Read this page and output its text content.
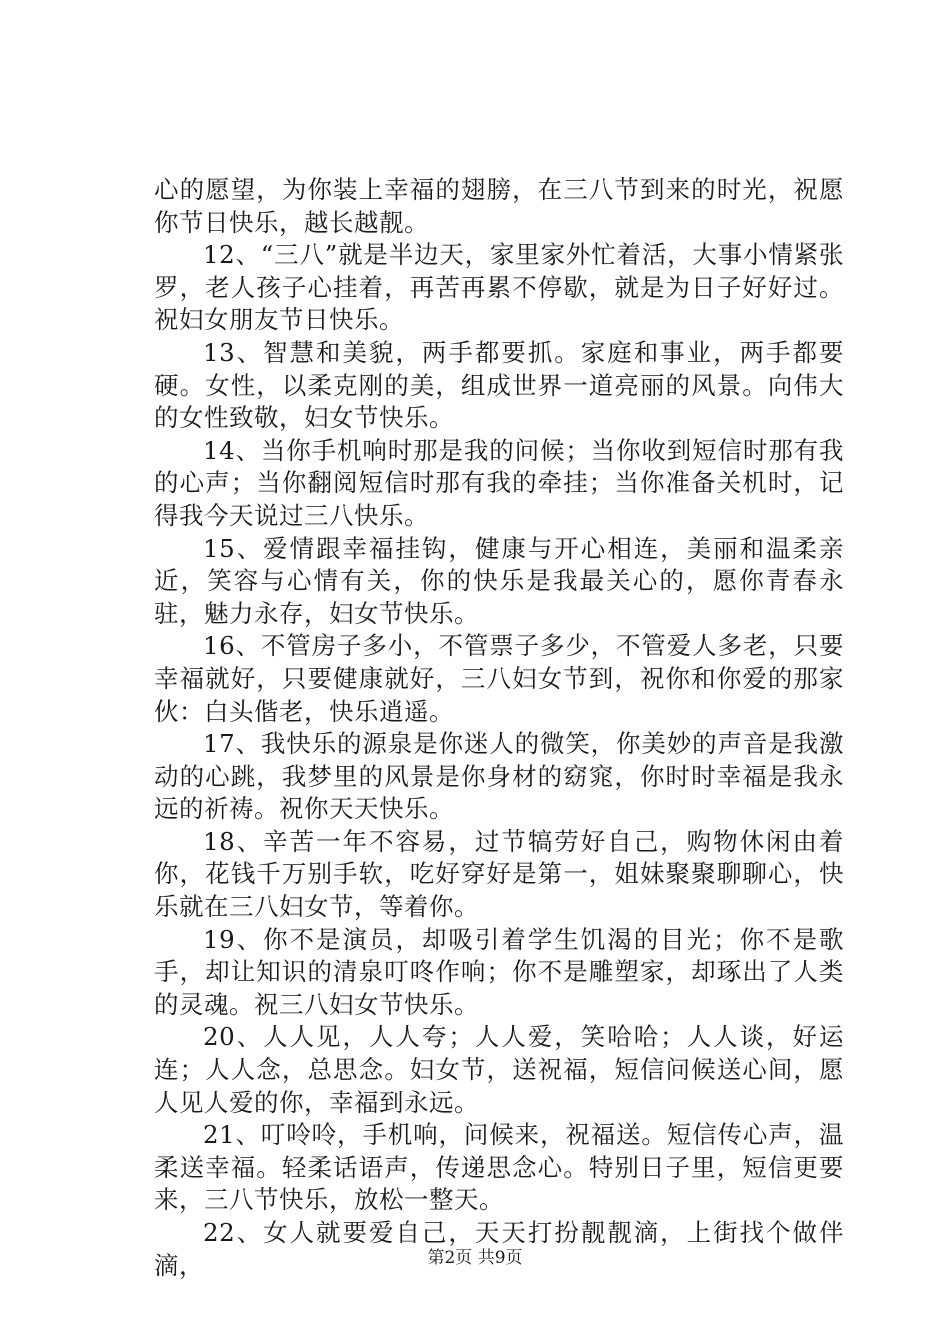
心的愿望，为你装上幸福的翅膀，在三八节到来的时光，祝愿你节日快乐，越长越靓。

12、“三八”就是半边天，家里家外忙着活，大事小情紧张罗，老人孩子心挂着，再苦再累不停歇，就是为日子好好过。祝妇女朋友节日快乐。

13、智慧和美貌，两手都要抓。家庭和事业，两手都要硬。女性，以柔克刚的美，组成世界一道亮丽的风景。向伟大的女性致敬，妇女节快乐。

14、当你手机响时那是我的问候；当你收到短信时那有我的心声；当你翻阅短信时那有我的牵挂；当你准备关机时，记得我今天说过三八快乐。

15、爱情跟幸福挂钩，健康与开心相连，美丽和温柔亲近，笑容与心情有关，你的快乐是我最关心的，愿你青春永驻，魅力永存，妇女节快乐。

16、不管房子多小，不管票子多少，不管爱人多老，只要幸福就好，只要健康就好，三八妇女节到，祝你和你爱的那家伙：白头偕老，快乐逍遥。

17、我快乐的源泉是你迷人的微笑，你美妙的声音是我激动的心跳，我梦里的风景是你身材的窈窕，你时时幸福是我永远的祈祷。祝你天天快乐。

18、辛苦一年不容易，过节犒劳好自己，购物休闲由着你，花钱千万别手软，吃好穿好是第一，姐妹聚聚聊聊心，快乐就在三八妇女节，等着你。

19、你不是演员，却吸引着学生饥渴的目光；你不是歌手，却让知识的清泉叮咚作响；你不是雕塑家，却琢出了人类的灵魂。祝三八妇女节快乐。

20、人人见，人人夸；人人爱，笑哈哈；人人谈，好运连；人人念，总思念。妇女节，送祝福，短信问候送心间，愿人见人爱的你，幸福到永远。

21、叮呤呤，手机响，问候来，祝福送。短信传心声，温柔送幸福。轻柔话语声，传递思念心。特别日子里，短信更要来，三八节快乐，放松一整天。

22、女人就要爱自己，天天打扮靓靓滴，上街找个做伴滴，	第2页 共9页
